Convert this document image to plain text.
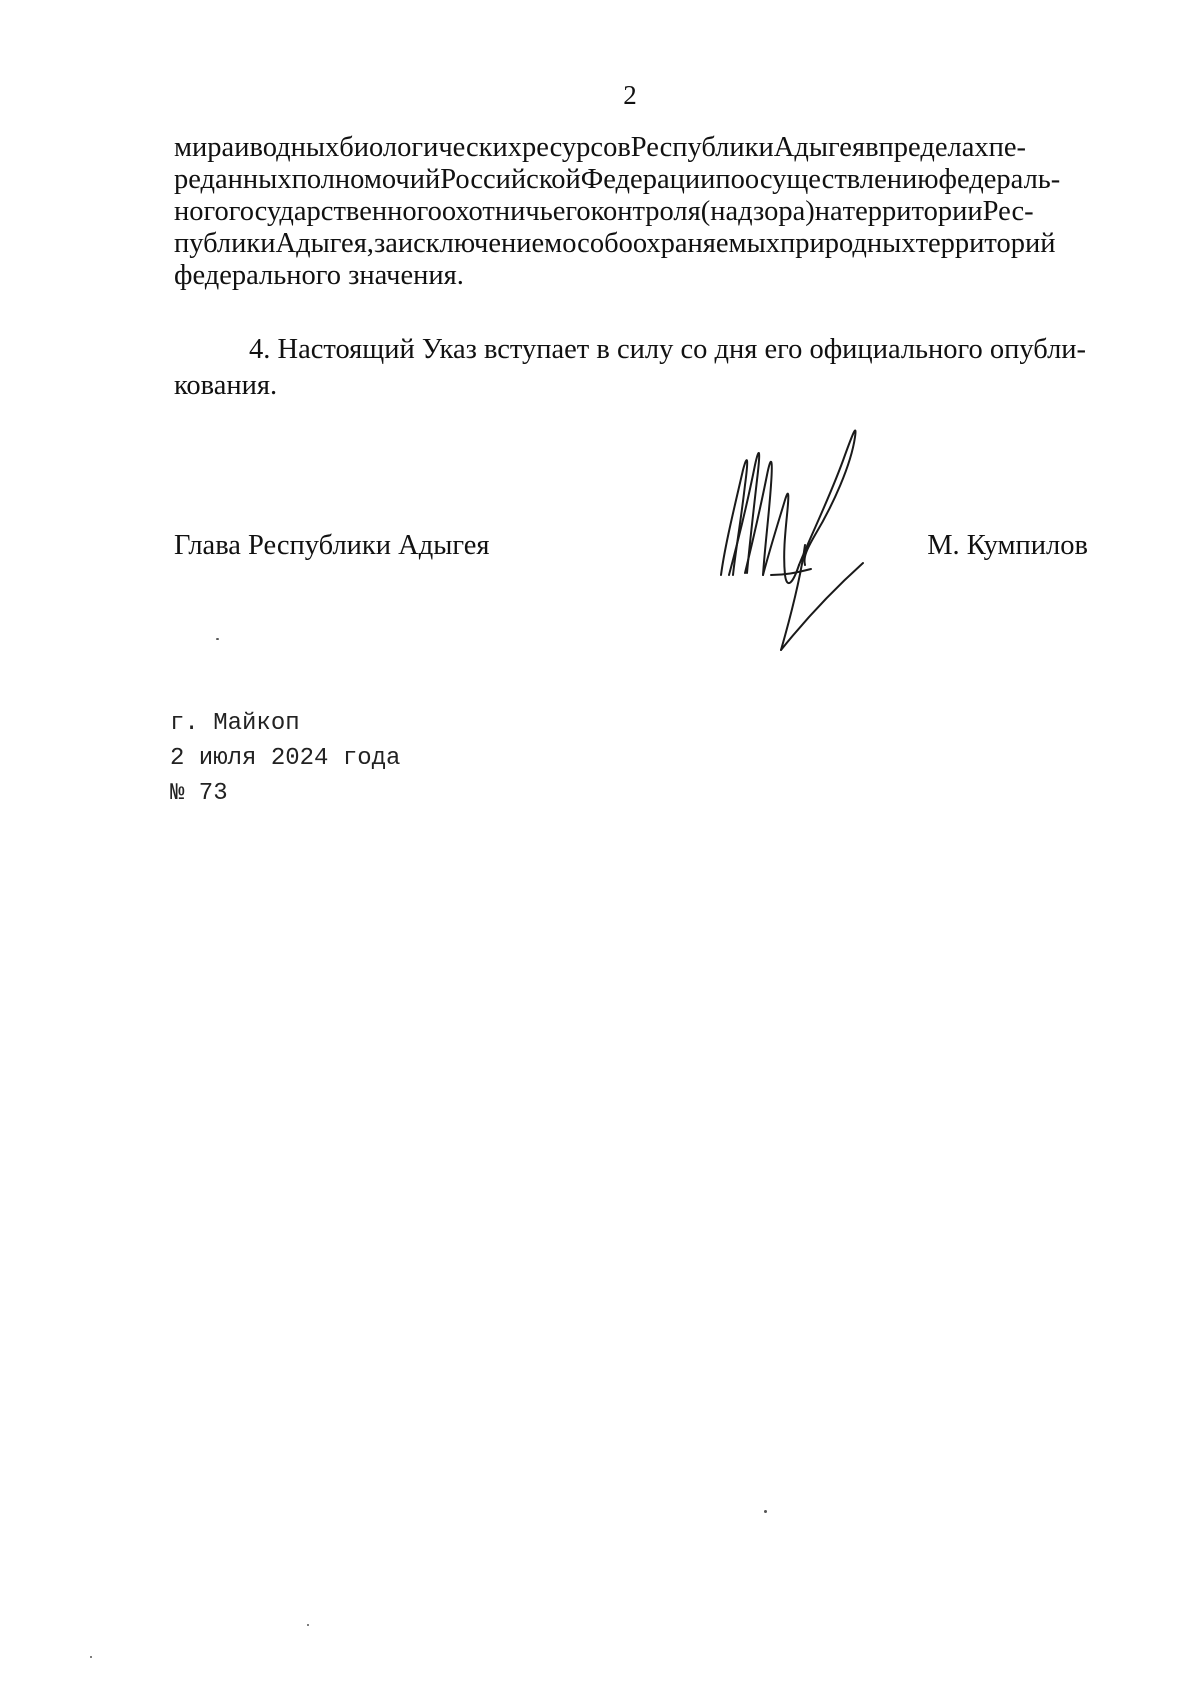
2
мираиводныхбиологическихресурсовРеспубликиАдыгеявпределахпе-
реданныхполномочийРоссийскойФедерациипоосуществлениюфедераль-
ногогосударственногоохотничьегоконтроля(надзора)натерриторииРес-
публикиАдыгея,заисключениемособоохраняемыхприродныхтерриторий
федерального значения.
4. Настоящий Указ вступает в силу со дня его официального опубли-
кования.
Глава Республики Адыгея	М. Кумпилов
г. Майкоп
2 июля 2024 года
№ 73
